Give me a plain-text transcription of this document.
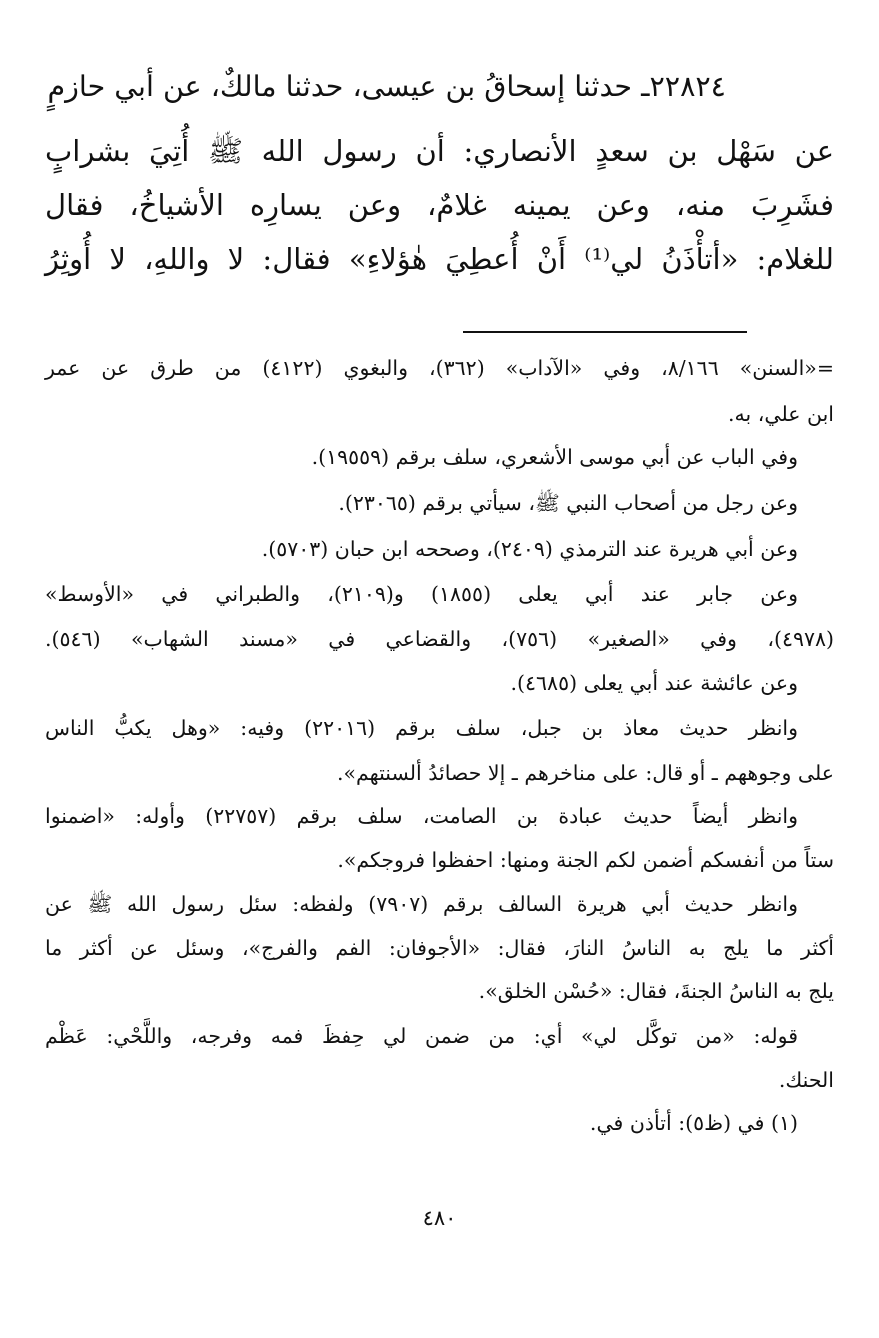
٢٢٨٢٤ـ حدثنا إسحاقُ بن عيسى، حدثنا مالكٌ، عن أبي حازمٍ
عن سَهْل بن سعدٍ الأنصاري: أن رسول الله ﷺ أُتِيَ بشرابٍ
فشَرِبَ منه، وعن يمينه غلامٌ، وعن يسارِه الأشياخُ، فقال
للغلام: «أتأْذَنُ لي⁽¹⁾ أَنْ أُعطِيَ هٰؤلاءِ» فقال: لا واللهِ، لا أُوثِرُ
=«السنن» ٨/١٦٦، وفي «الآداب» (٣٦٢)، والبغوي (٤١٢٢) من طرق عن عمر
ابن علي، به.
وفي الباب عن أبي موسى الأشعري، سلف برقم (١٩٥٥٩).
وعن رجل من أصحاب النبي ﷺ، سيأتي برقم (٢٣٠٦٥).
وعن أبي هريرة عند الترمذي (٢٤٠٩)، وصححه ابن حبان (٥٧٠٣).
وعن جابر عند أبي يعلى (١٨٥٥) و(٢١٠٩)، والطبراني في «الأوسط»
(٤٩٧٨)، وفي «الصغير» (٧٥٦)، والقضاعي في «مسند الشهاب» (٥٤٦).
وعن عائشة عند أبي يعلى (٤٦٨٥).
وانظر حديث معاذ بن جبل، سلف برقم (٢٢٠١٦) وفيه: «وهل يكبُّ الناس
على وجوههم ـ أو قال: على مناخرهم ـ إلا حصائدُ ألسنتهم».
وانظر أيضاً حديث عبادة بن الصامت، سلف برقم (٢٢٧٥٧) وأوله: «اضمنوا
ستاً من أنفسكم أضمن لكم الجنة ومنها: احفظوا فروجكم».
وانظر حديث أبي هريرة السالف برقم (٧٩٠٧) ولفظه: سئل رسول الله ﷺ عن
أكثر ما يلج به الناسُ النارَ، فقال: «الأجوفان: الفم والفرج»، وسئل عن أكثر ما
يلج به الناسُ الجنةَ، فقال: «حُسْن الخلق».
قوله: «من توكَّل لي» أي: من ضمن لي حِفظَ فمه وفرجه، واللَّحْي: عَظْم
الحنك.
(١) في (ظ٥): أتأذن في.
٤٨٠
